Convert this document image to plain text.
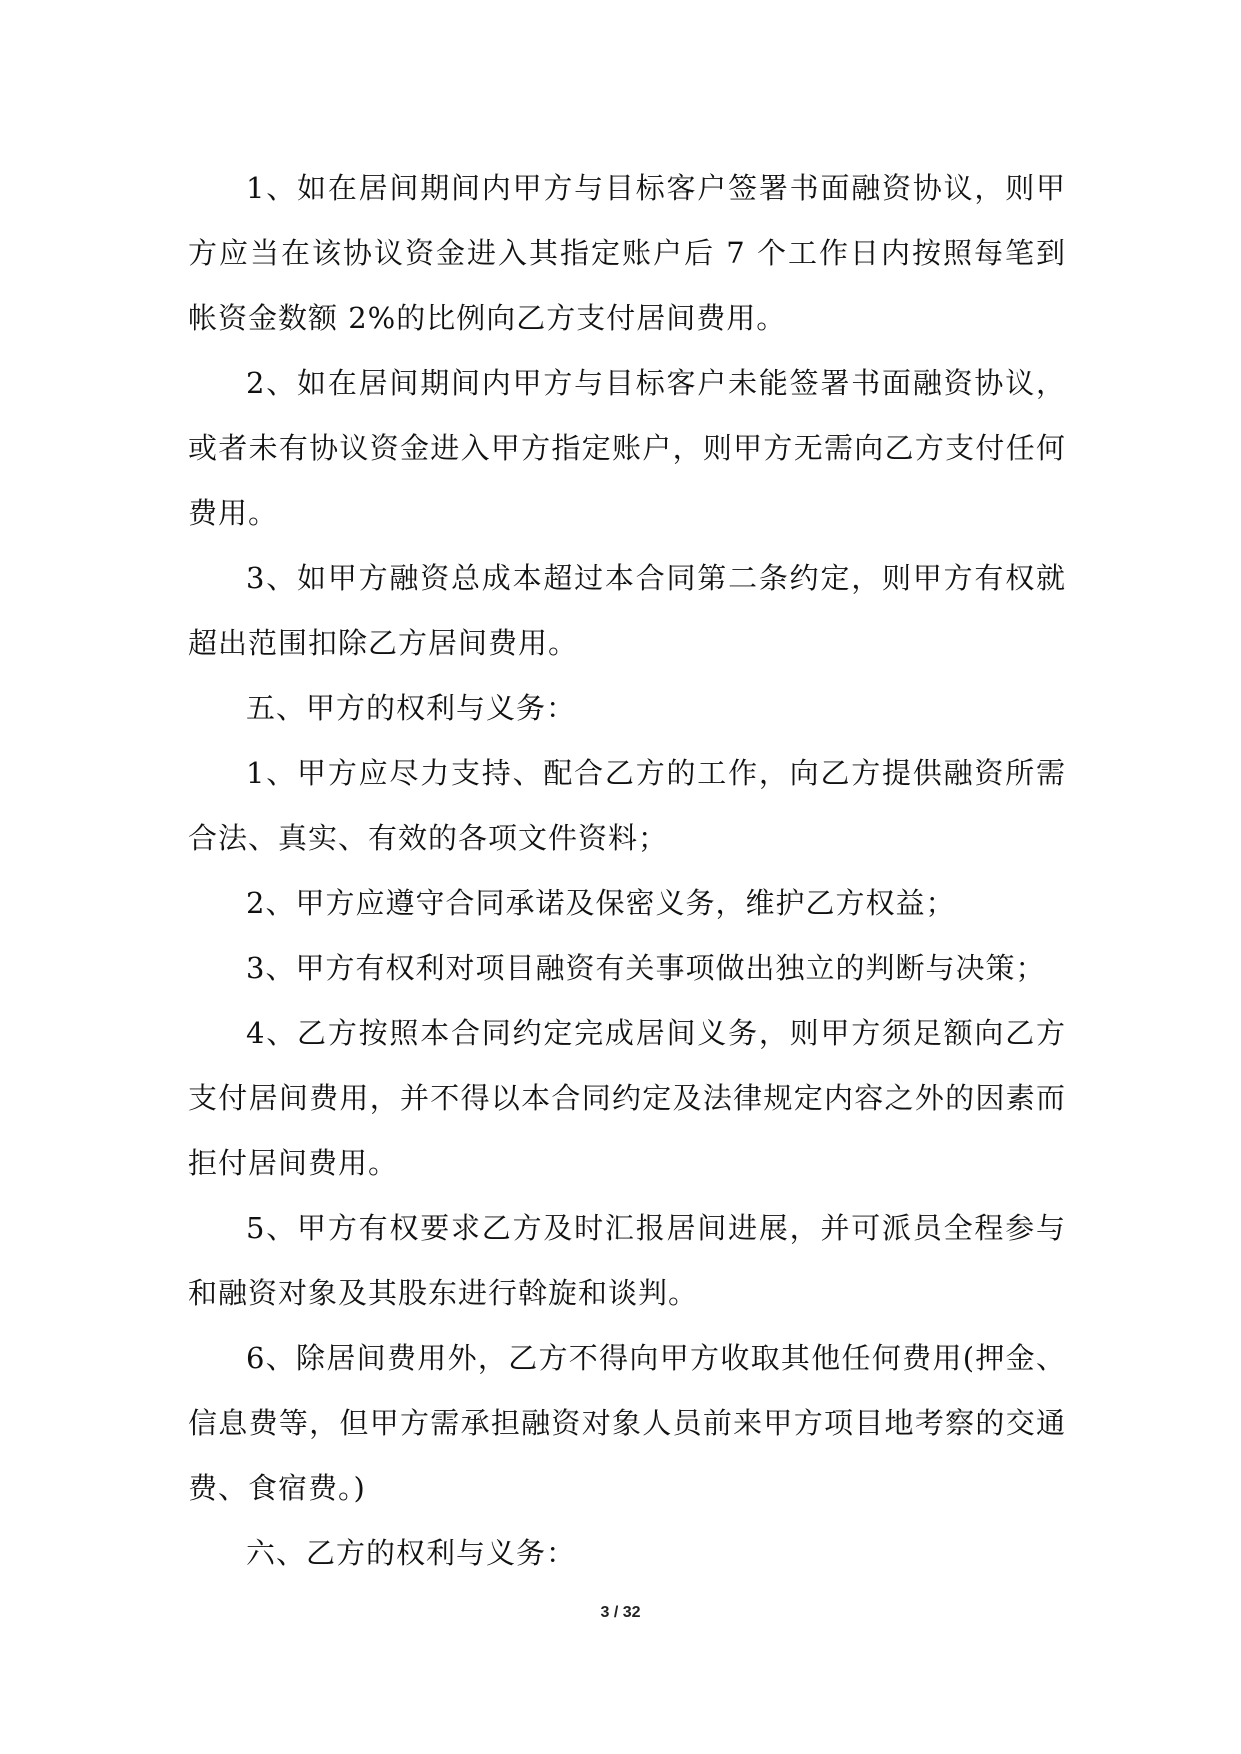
1、如在居间期间内甲方与目标客户签署书面融资协议，则甲方应当在该协议资金进入其指定账户后 7 个工作日内按照每笔到帐资金数额 2%的比例向乙方支付居间费用。

2、如在居间期间内甲方与目标客户未能签署书面融资协议，或者未有协议资金进入甲方指定账户，则甲方无需向乙方支付任何费用。

3、如甲方融资总成本超过本合同第二条约定，则甲方有权就超出范围扣除乙方居间费用。

五、甲方的权利与义务：

1、甲方应尽力支持、配合乙方的工作，向乙方提供融资所需合法、真实、有效的各项文件资料；

2、甲方应遵守合同承诺及保密义务，维护乙方权益；

3、甲方有权利对项目融资有关事项做出独立的判断与决策；

4、乙方按照本合同约定完成居间义务，则甲方须足额向乙方支付居间费用，并不得以本合同约定及法律规定内容之外的因素而拒付居间费用。

5、甲方有权要求乙方及时汇报居间进展，并可派员全程参与和融资对象及其股东进行斡旋和谈判。

6、除居间费用外，乙方不得向甲方收取其他任何费用(押金、信息费等，但甲方需承担融资对象人员前来甲方项目地考察的交通费、食宿费。)

六、乙方的权利与义务：

3 / 32
